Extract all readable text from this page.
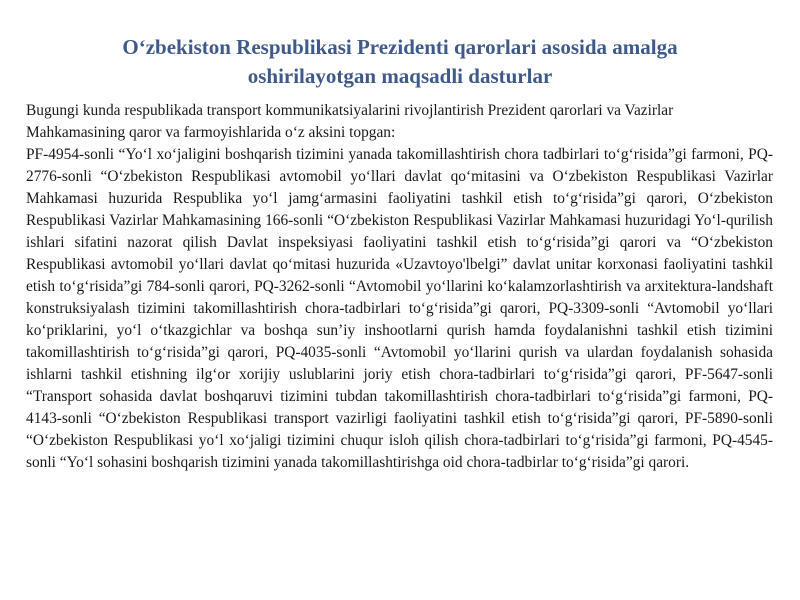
O‘zbekiston Respublikasi Prezidenti qarorlari asosida amalga
oshirilayotgan maqsadli dasturlar

Bugungi kunda respublikada transport kommunikatsiyalarini rivojlantirish Prezident qarorlari va Vazirlar Mahkamasining qaror va farmoyishlarida o‘z aksini topgan:

PF-4954-sonli “Yo‘l xo‘jaligini boshqarish tizimini yanada takomillashtirish chora tadbirlari to‘g‘risida”gi farmoni, PQ-2776-sonli “O‘zbekiston Respublikasi avtomobil yo‘llari davlat qo‘mitasini va O‘zbekiston Respublikasi Vazirlar Mahkamasi huzurida Respublika yo‘l jamg‘armasini faoliyatini tashkil etish to‘g‘risida”gi qarori, O‘zbekiston Respublikasi Vazirlar Mahkamasining 166-sonli “O‘zbekiston Respublikasi Vazirlar Mahkamasi huzuridagi Yo‘l-qurilish ishlari sifatini nazorat qilish Davlat inspeksiyasi faoliyatini tashkil etish to‘g‘risida”gi qarori va “O‘zbekiston Respublikasi avtomobil yo‘llari davlat qo‘mitasi huzurida «Uzavtoyo'lbelgi” davlat unitar korxonasi faoliyatini tashkil etish to‘g‘risida”gi 784-sonli qarori, PQ-3262-sonli “Avtomobil yo‘llarini ko‘kalamzorlashtirish va arxitektura-landshaft konstruksiyalash tizimini takomillashtirish chora-tadbirlari to‘g‘risida”gi qarori, PQ-3309-sonli “Avtomobil yo‘llari ko‘priklarini, yo‘l o‘tkazgichlar va boshqa sun’iy inshootlarni qurish hamda foydalanishni tashkil etish tizimini takomillashtirish to‘g‘risida”gi qarori, PQ-4035-sonli “Avtomobil yo‘llarini qurish va ulardan foydalanish sohasida ishlarni tashkil etishning ilg‘or xorijiy uslublarini joriy etish chora-tadbirlari to‘g‘risida”gi qarori, PF-5647-sonli “Transport sohasida davlat boshqaruvi tizimini tubdan takomillashtirish chora-tadbirlari to‘g‘risida”gi farmoni, PQ-4143-sonli “O‘zbekiston Respublikasi transport vazirligi faoliyatini tashkil etish to‘g‘risida”gi qarori, PF-5890-sonli “O‘zbekiston Respublikasi yo‘l xo‘jaligi tizimini chuqur isloh qilish chora-tadbirlari to‘g‘risida”gi farmoni, PQ-4545-sonli “Yo‘l sohasini boshqarish tizimini yanada takomillashtirishga oid chora-tadbirlar to‘g‘risida”gi qarori.
